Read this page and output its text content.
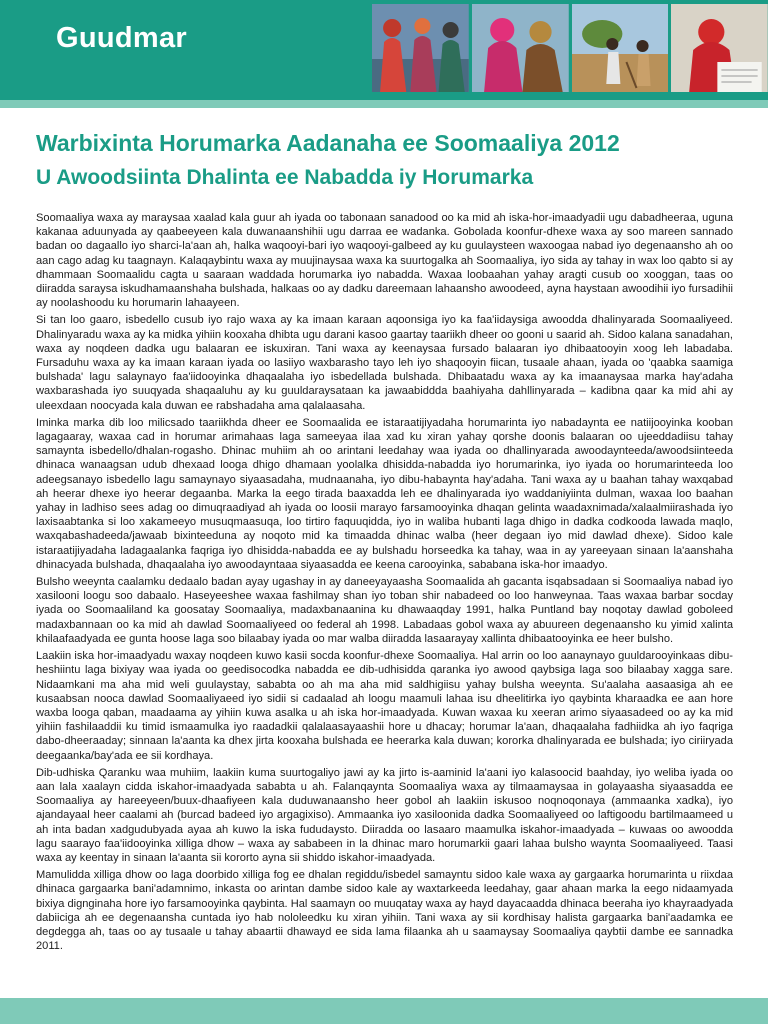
Guudmar
Warbixinta Horumarka Aadanaha ee Soomaaliya 2012
U Awoodsiinta Dhalinta ee Nabadda iy Horumarka

Soomaaliya waxa ay maraysaa xaalad kala guur ah iyada oo tabonaan sanadood oo ka mid ah iska-hor-imaadyadii ugu dabadheeraa, uguna kakanaa aduunyada ay qaabeeyeen kala duwanaanshihii ugu darraa ee wadanka. Gobolada koonfur-dhexe waxa ay soo mareen sannado badan oo dagaallo iyo sharci-la'aan ah, halka waqooyi-bari iyo waqooyi-galbeed ay ku guulaysteen waxoogaa nabad iyo degenaansho ah oo aan cago adag ku taagnayn. Kalaqaybintu waxa ay muujinaysaa waxa ka suurtogalka ah Soomaaliya, iyo sida ay tahay in wax loo qabto si ay dhammaan Soomaalidu cagta u saaraan waddada horumarka iyo nabadda. Waxaa loobaahan yahay aragti cusub oo xooggan, taas oo diiradda saraysa iskudhamaanshaha bulshada, halkaas oo ay dadku dareemaan lahaansho awoodeed, ayna haystaan awoodihii iyo fursadihii ay noolashoodu ku horumarin lahaayeen.

Si tan loo gaaro, isbedello cusub iyo rajo waxa ay ka imaan karaan aqoonsiga iyo ka faa'iidaysiga awoodda dhalinyarada Soomaaliyeed. Dhalinyaradu waxa ay ka midka yihiin kooxaha dhibta ugu darani kasoo gaartay taariikh dheer oo gooni u saarid ah. Sidoo kalana sanadahan, waxa ay noqdeen dadka ugu balaaran ee iskuxiran. Tani waxa ay keenaysaa fursado balaaran iyo dhibaatooyin xoog leh labadaba. Fursaduhu waxa ay ka imaan karaan iyada oo lasiiyo waxbarasho tayo leh iyo shaqooyin fiican, tusaale ahaan, iyada oo 'qaabka saamiga bulshada' lagu salaynayo faa'iidooyinka dhaqaalaha iyo isbedellada bulshada. Dhibaatadu waxa ay ka imaanaysaa marka hay'adaha waxbarashada iyo suuqyada shaqaaluhu ay ku guuldaraysataan ka jawaabiddda baahiyaha dahllinyarada – kadibna qaar ka mid ahi ay uleexdaan noocyada kala duwan ee rabshadaha ama qalalaasaha.

Iminka marka dib loo milicsado taariikhda dheer ee Soomaalida ee istaraatijiyadaha horumarinta iyo nabadaynta ee natiijooyinka kooban lagagaaray, waxaa cad in horumar arimahaas laga sameeyaa ilaa xad ku xiran yahay qorshe doonis balaaran oo ujeeddadiisu tahay samaynta isbedello/dhalan-rogasho. Dhinac muhiim ah oo arintani leedahay waa iyada oo dhallinyarada awoodaynteeda/awoodsiinteeda dhinaca wanaagsan udub dhexaad looga dhigo dhamaan yoolalka dhisidda-nabadda iyo horumarinka, iyo iyada oo horumarinteeda loo adeegsanayo isbedello lagu samaynayo siyaasadaha, mudnaanaha, iyo dibu-habaynta hay'adaha. Tani waxa ay u baahan tahay waxqabad ah heerar dhexe iyo heerar degaanba. Marka la eego tirada baaxadda leh ee dhalinyarada iyo waddaniyiinta dulman, waxaa loo baahan yahay in ladhiso sees adag oo dimuqraadiyad ah iyada oo loosii marayo farsamooyinka dhaqan gelinta waadaxnimada/xalaalmiirashada iyo laxisaabtanka si loo xakameeyo musuqmaasuqa, loo tirtiro faquuqidda, iyo in waliba hubanti laga dhigo in dadka codkooda lawada maqlo, waxqabashadeeda/jawaab bixinteeduna ay noqoto mid ka timaadda dhinac walba (heer degaan iyo mid dawlad dhexe). Sidoo kale istaraatijiyadaha ladagaalanka faqriga iyo dhisidda-nabadda ee ay bulshadu horseedka ka tahay, waa in ay yareeyaan sinaan la'aanshaha dhinacyada bulshada, dhaqaalaha iyo awoodayntaaa siyaasadda ee keena carooyinka, sababana iska-hor imaadyo.

Bulsho weeynta caalamku dedaalo badan ayay ugashay in ay daneeyayaasha Soomaalida ah gacanta isqabsadaan si Soomaaliya nabad iyo xasilooni loogu soo dabaalo. Haseyeeshee waxaa fashilmay shan iyo toban shir nabadeed oo loo hanweynaa. Taas waxaa barbar socday iyada oo Soomaaliland ka goosatay Soomaaliya, madaxbanaanina ku dhawaaqday 1991, halka Puntland bay noqotay dawlad goboleed madaxbannaan oo ka mid ah dawlad Soomaaliyeed oo federal ah 1998. Labadaas gobol waxa ay abuureen degenaansho ku yimid xalinta khilaafaadyada ee gunta hoose laga soo bilaabay iyada oo mar walba diiradda lasaarayay xallinta dhibaatooyinka ee heer bulsho.

Laakiin iska hor-imaadyadu waxay noqdeen kuwo kasii socda koonfur-dhexe Soomaaliya. Hal arrin oo loo aanaynayo guuldarooyinkaas dibu-heshiintu laga bixiyay waa iyada oo geedisocodka nabadda ee dib-udhisidda qaranka iyo awood qaybsiga laga soo bilaabay xagga sare. Nidaamkani ma aha mid weli guulaystay, sababta oo ah ma aha mid saldhigiisu yahay bulsha weeynta. Su'aalaha aasaasiga ah ee kusaabsan nooca dawlad Soomaaliyaeed iyo sidii si cadaalad ah loogu maamuli lahaa isu dheelitirka iyo qaybinta kharaadka ee aan hore waxba looga qaban, maadaama ay yihiin kuwa asalka u ah iska hor-imaadyada. Kuwan waxaa ku xeeran arimo siyaasadeed oo ay ka mid yihiin fashilaaddii ku timid ismaamulka iyo raadadkii qalalaasayaashii hore u dhacay; horumar la'aan, dhaqaalaha fadhiidka ah iyo faqriga dabo-dheeraaday; sinnaan la'aanta ka dhex jirta kooxaha bulshada ee heerarka kala duwan; kororka dhalinyarada ee bulshada; iyo ciriiryada deegaanka/bay'ada ee sii kordhaya.

Dib-udhiska Qaranku waa muhiim, laakiin kuma suurtogaliyo jawi ay ka jirto is-aaminid la'aani iyo kalasoocid baahday, iyo weliba iyada oo aan lala xaalayn cidda iskahor-imaadyada sababta u ah. Falanqaynta Soomaaliya waxa ay tilmaamaysaa in golayaasha siyaasadda ee Soomaaliya ay hareeyeen/buux-dhaafiyeen kala duduwanaansho heer gobol ah laakiin iskusoo noqnoqonaya (ammaanka xadka), iyo ajandayaal heer caalami ah (burcad badeed iyo argagixiso). Ammaanka iyo xasiloonida dadka Soomaaliyeed oo laftigoodu bartilmaameed u ah inta badan xadgudubyada ayaa ah kuwo la iska fududaysto. Diiradda oo lasaaro maamulka iskahor-imaadyada – kuwaas oo awoodda lagu saarayo faa'iidooyinka xilliga dhow – waxa ay sababeen in la dhinac maro horumarkii gaari lahaa bulsho waynta Soomaaliyeed. Taasi waxa ay keentay in sinaan la'aanta sii kororto ayna sii shiddo iskahor-imaadyada.

Mamulidda xilliga dhow oo laga doorbido xilliga fog ee dhalan regiddu/isbedel samayntu sidoo kale waxa ay gargaarka horumarinta u riixdaa dhinaca gargaarka bani'adamnimo, inkasta oo arintan dambe sidoo kale ay waxtarkeeda leedahay, gaar ahaan marka la eego nidaamyada bixiya dignginaha hore iyo farsamooyinka qaybinta. Hal saamayn oo muuqatay waxa ay hayd dayacaadda dhinaca beeraha iyo khayraadyada dabiiciga ah ee degenaansha cuntada iyo hab nololeedku ku xiran yihiin. Tani waxa ay sii kordhisay halista gargaarka bani'aadamka ee degdegga ah, taas oo ay tusaale u tahay abaartii dhawayd ee sida lama filaanka ah u saamaysay Soomaaliya qaybtii dambe ee sannadka 2011.
